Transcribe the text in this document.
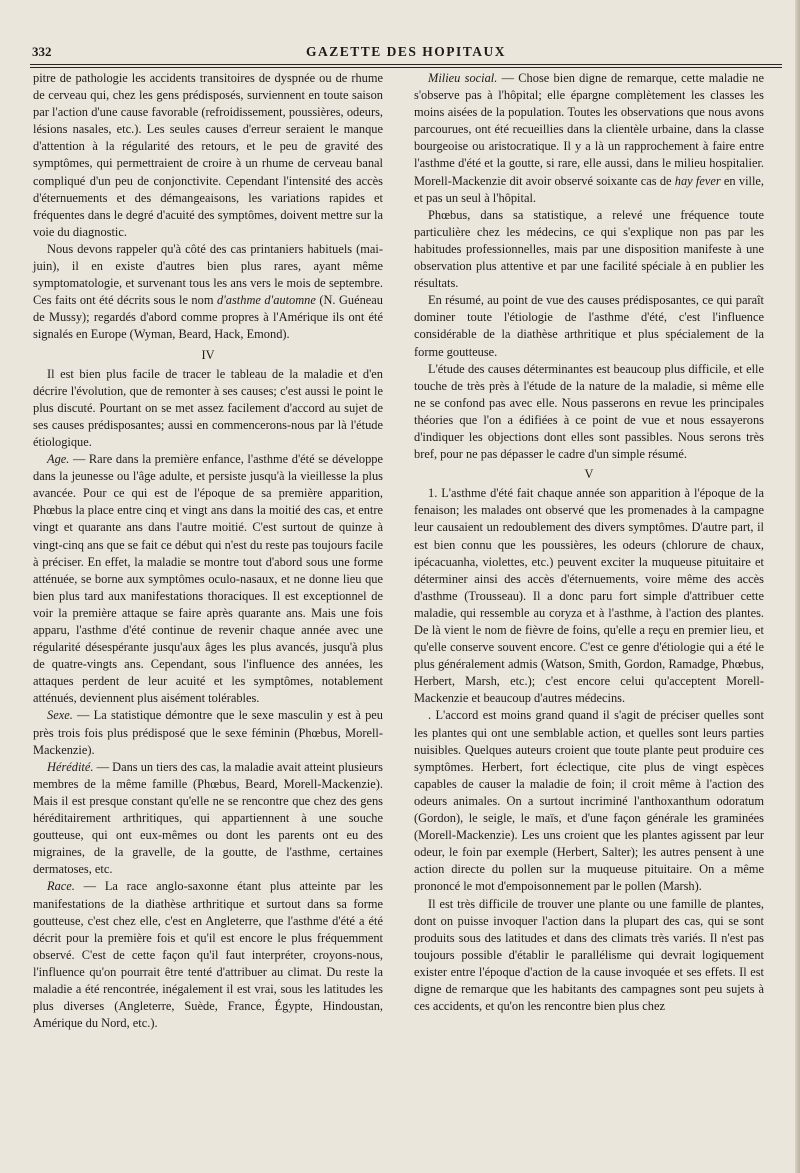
332	GAZETTE DES HOPITAUX

pitre de pathologie les accidents transitoires de dyspnée ou de rhume de cerveau qui, chez les gens prédisposés, surviennent en toute saison par l'action d'une cause favorable (refroidissement, poussières, odeurs, lésions nasales, etc.). Les seules causes d'erreur seraient le manque d'attention à la régularité des retours, et le peu de gravité des symptômes, qui permettraient de croire à un rhume de cerveau banal compliqué d'un peu de conjonctivite. Cependant l'intensité des accès d'éternuements et des démangeaisons, les variations rapides et fréquentes dans le degré d'acuité des symptômes, doivent mettre sur la voie du diagnostic.

Nous devons rappeler qu'à côté des cas printaniers habituels (mai-juin), il en existe d'autres bien plus rares, ayant même symptomatologie, et survenant tous les ans vers le mois de septembre. Ces faits ont été décrits sous le nom d'asthme d'automne (N. Guéneau de Mussy); regardés d'abord comme propres à l'Amérique ils ont été signalés en Europe (Wyman, Beard, Hack, Emond).

IV

Il est bien plus facile de tracer le tableau de la maladie et d'en décrire l'évolution, que de remonter à ses causes; c'est aussi le point le plus discuté. Pourtant on se met assez facilement d'accord au sujet de ses causes prédisposantes; aussi en commencerons-nous par là l'étude étiologique.

Age. — Rare dans la première enfance, l'asthme d'été se développe dans la jeunesse ou l'âge adulte, et persiste jusqu'à la vieillesse la plus avancée. Pour ce qui est de l'époque de sa première apparition, Phœbus la place entre cinq et vingt ans dans la moitié des cas, et entre vingt et quarante ans dans l'autre moitié. C'est surtout de quinze à vingt-cinq ans que se fait ce début qui n'est du reste pas toujours facile à préciser. En effet, la maladie se montre tout d'abord sous une forme atténuée, se borne aux symptômes oculo-nasaux, et ne donne lieu que bien plus tard aux manifestations thoraciques. Il est exceptionnel de voir la première attaque se faire après quarante ans. Mais une fois apparu, l'asthme d'été continue de revenir chaque année avec une régularité désespérante jusqu'aux âges les plus avancés, jusqu'à plus de quatre-vingts ans. Cependant, sous l'influence des années, les attaques perdent de leur acuité et les symptômes, notablement atténués, deviennent plus aisément tolérables.

Sexe. — La statistique démontre que le sexe masculin y est à peu près trois fois plus prédisposé que le sexe féminin (Phœbus, Morell-Mackenzie).

Hérédité. — Dans un tiers des cas, la maladie avait atteint plusieurs membres de la même famille (Phœbus, Beard, Morell-Mackenzie). Mais il est presque constant qu'elle ne se rencontre que chez des gens héréditairement arthritiques, qui appartiennent à une souche goutteuse, qui ont eux-mêmes ou dont les parents ont eu des migraines, de la gravelle, de la goutte, de l'asthme, certaines dermatoses, etc.

Race. — La race anglo-saxonne étant plus atteinte par les manifestations de la diathèse arthritique et surtout dans sa forme goutteuse, c'est chez elle, c'est en Angleterre, que l'asthme d'été a été décrit pour la première fois et qu'il est encore le plus fréquemment observé. C'est de cette façon qu'il faut interpréter, croyons-nous, l'influence qu'on pourrait être tenté d'attribuer au climat. Du reste la maladie a été rencontrée, inégalement il est vrai, sous les latitudes les plus diverses (Angleterre, Suède, France, Égypte, Hindoustan, Amérique du Nord, etc.).

Milieu social. — Chose bien digne de remarque, cette maladie ne s'observe pas à l'hôpital; elle épargne complètement les classes les moins aisées de la population. Toutes les observations que nous avons parcourues, ont été recueillies dans la clientèle urbaine, dans la classe bourgeoise ou aristocratique. Il y a là un rapprochement à faire entre l'asthme d'été et la goutte, si rare, elle aussi, dans le milieu hospitalier. Morell-Mackenzie dit avoir observé soixante cas de hay fever en ville, et pas un seul à l'hôpital.

Phœbus, dans sa statistique, a relevé une fréquence toute particulière chez les médecins, ce qui s'explique non pas par les habitudes professionnelles, mais par une disposition manifeste à une observation plus attentive et par une facilité spéciale à en publier les résultats.

En résumé, au point de vue des causes prédisposantes, ce qui paraît dominer toute l'étiologie de l'asthme d'été, c'est l'influence considérable de la diathèse arthritique et plus spécialement de la forme goutteuse.

L'étude des causes déterminantes est beaucoup plus difficile, et elle touche de très près à l'étude de la nature de la maladie, si même elle ne se confond pas avec elle. Nous passerons en revue les principales théories que l'on a édifiées à ce point de vue et nous essayerons d'indiquer les objections dont elles sont passibles. Nous serons très bref, pour ne pas dépasser le cadre d'un simple résumé.

V

1. L'asthme d'été fait chaque année son apparition à l'époque de la fenaison; les malades ont observé que les promenades à la campagne leur causaient un redoublement des divers symptômes. D'autre part, il est bien connu que les poussières, les odeurs (chlorure de chaux, ipécacuanha, violettes, etc.) peuvent exciter la muqueuse pituitaire et déterminer ainsi des accès d'éternuements, voire même des accès d'asthme (Trousseau). Il a donc paru fort simple d'attribuer cette maladie, qui ressemble au coryza et à l'asthme, à l'action des plantes. De là vient le nom de fièvre de foins, qu'elle a reçu en premier lieu, et qu'elle conserve souvent encore. C'est ce genre d'étiologie qui a été le plus généralement admis (Watson, Smith, Gordon, Ramadge, Phœbus, Herbert, Marsh, etc.); c'est encore celui qu'acceptent Morell-Mackenzie et beaucoup d'autres médecins.

. L'accord est moins grand quand il s'agit de préciser quelles sont les plantes qui ont une semblable action, et quelles sont leurs parties nuisibles. Quelques auteurs croient que toute plante peut produire ces symptômes. Herbert, fort éclectique, cite plus de vingt espèces capables de causer la maladie de foin; il croit même à l'action des odeurs animales. On a surtout incriminé l'anthoxanthum odoratum (Gordon), le seigle, le maïs, et d'une façon générale les graminées (Morell-Mackenzie). Les uns croient que les plantes agissent par leur odeur, le foin par exemple (Herbert, Salter); les autres pensent à une action directe du pollen sur la muqueuse pituitaire. On a même prononcé le mot d'empoisonnement par le pollen (Marsh).

Il est très difficile de trouver une plante ou une famille de plantes, dont on puisse invoquer l'action dans la plupart des cas, qui se sont produits sous des latitudes et dans des climats très variés. Il n'est pas toujours possible d'établir le parallélisme qui devrait logiquement exister entre l'époque d'action de la cause invoquée et ses effets. Il est digne de remarque que les habitants des campagnes sont peu sujets à ces accidents, et qu'on les rencontre bien plus chez
